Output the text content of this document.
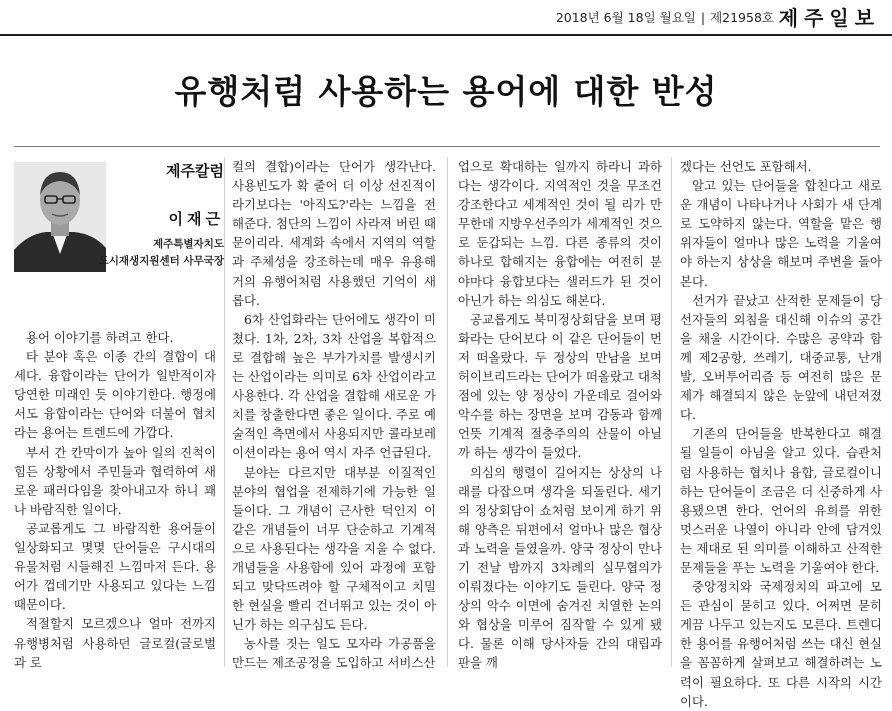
2018년 6월 18일 월요일 | 제21958호 제주일보
유행처럼 사용하는 용어에 대한 반성
제주칼럼
이재근
제주특별자치도
도시재생지원센터 사무국장

용어 이야기를 하려고 한다.

타 분야 혹은 이종 간의 결합이 대세다. 융합이라는 단어가 일반적이자 당연한 미래인 듯 이야기한다. 행정에서도 융합이라는 단어와 더불어 협치라는 용어는 트렌드에 가깝다.

부서 간 칸막이가 높아 일의 진척이 힘든 상황에서 주민들과 협력하여 새로운 패러다임을 찾아내고자 하니 꽤나 바람직한 일이다.

공교롭게도 그 바람직한 용어들이 일상화되고 몇몇 단어들은 구시대의 유물처럼 시들해진 느낌마저 든다. 용어가 껍데기만 사용되고 있다는 느낌 때문이다.

적절할지 모르겠으나 얼마 전까지 유행병처럼 사용하던 글로컬(글로벌과 로

컬의 결합)이라는 단어가 생각난다. 사용빈도가 확 줄어 더 이상 선진적이라기보다는 '아직도?'라는 느낌을 전해준다. 첨단의 느낌이 사라져 버린 때문이리라. 세계화 속에서 지역의 역할과 주체성을 강조하는데 매우 유용해 거의 유행어처럼 사용했던 기억이 새롭다.

6차 산업화라는 단어에도 생각이 미쳤다. 1차, 2차, 3차 산업을 복합적으로 결합해 높은 부가가치를 발생시키는 산업이라는 의미로 6차 산업이라고 사용한다. 각 산업을 결합해 새로운 가치를 창출한다면 좋은 일이다. 주로 예술적인 측면에서 사용되지만 콜라보레이션이라는 용어 역시 자주 언급된다.

분야는 다르지만 대부분 이질적인 분야의 협업을 전제하기에 가능한 일들이다. 그 개념이 근사한 덕인지 이 같은 개념들이 너무 단순하고 기계적으로 사용된다는 생각을 지울 수 없다. 개념들을 사용함에 있어 과정에 포함되고 맞닥뜨려야 할 구체적이고 치밀한 현실을 빨리 건너뛰고 있는 것이 아닌가 하는 의구심도 든다.

농사를 짓는 일도 모자라 가공품을 만드는 제조공정을 도입하고 서비스산

업으로 확대하는 일까지 하라니 과하다는 생각이다. 지역적인 것을 무조건 강조한다고 세계적인 것이 될 리가 만무한데 지방우선주의가 세계적인 것으로 둔갑되는 느낌. 다른 종류의 것이 하나로 합해지는 융합에는 여전히 분야마다 융합보다는 샐러드가 된 것이 아닌가 하는 의심도 해본다.

공교롭게도 북미정상회담을 보며 평화라는 단어보다 이 같은 단어들이 먼저 떠올랐다. 두 정상의 만남을 보며 허이브리드라는 단어가 떠올랐고 대척점에 있는 양 정상이 가운데로 걸어와 악수를 하는 장면을 보며 감동과 함께 언뜻 기계적 절충주의의 산물이 아닐까 하는 생각이 들었다.

의심의 행렬이 길어지는 상상의 나래를 다잡으며 생각을 되돌린다. 세기의 정상회담이 쇼처럼 보이게 하기 위해 양측은 뒤편에서 얼마나 많은 협상과 노력을 들였을까. 양국 정상이 만나기 전날 밤까지 3차례의 실무협의가 이뤄졌다는 이야기도 들린다. 양국 정상의 악수 이면에 숨겨진 치열한 논의와 협상을 미루어 짐작할 수 있게 됐다. 물론 이해 당사자들 간의 대립과 판을 깨

겠다는 선언도 포함해서.

알고 있는 단어들을 합친다고 새로운 개념이 나타나거나 사회가 새 단계로 도약하지 않는다. 역할을 맡은 행위자들이 얼마나 많은 노력을 기울여야 하는지 상상을 해보며 주변을 돌아본다.

선거가 끝났고 산적한 문제들이 당선자들의 외침을 대신해 이슈의 공간을 채울 시간이다. 수많은 공약과 함께 제2공항, 쓰레기, 대중교통, 난개발, 오버투어리즘 등 여전히 많은 문제가 해결되지 않은 눈앞에 내던져졌다.

기존의 단어들을 반복한다고 해결될 일들이 아님을 알고 있다. 습관처럼 사용하는 협치나 융합, 글로컬이니 하는 단어들이 조금은 더 신중하게 사용됐으면 한다. 언어의 유희를 위한 멋스러운 나열이 아니라 안에 담겨있는 제대로 된 의미를 이해하고 산적한 문제들을 푸는 노력을 기울여야 한다.

중앙정치와 국제정치의 파고에 모든 관심이 묻히고 있다. 어쩌면 묻히게끔 나두고 있는지도 모른다. 트렌디한 용어를 유행어처럼 쓰는 대신 현실을 꼼꼼하게 살펴보고 해결하려는 노력이 필요하다. 또 다른 시작의 시간이다.
